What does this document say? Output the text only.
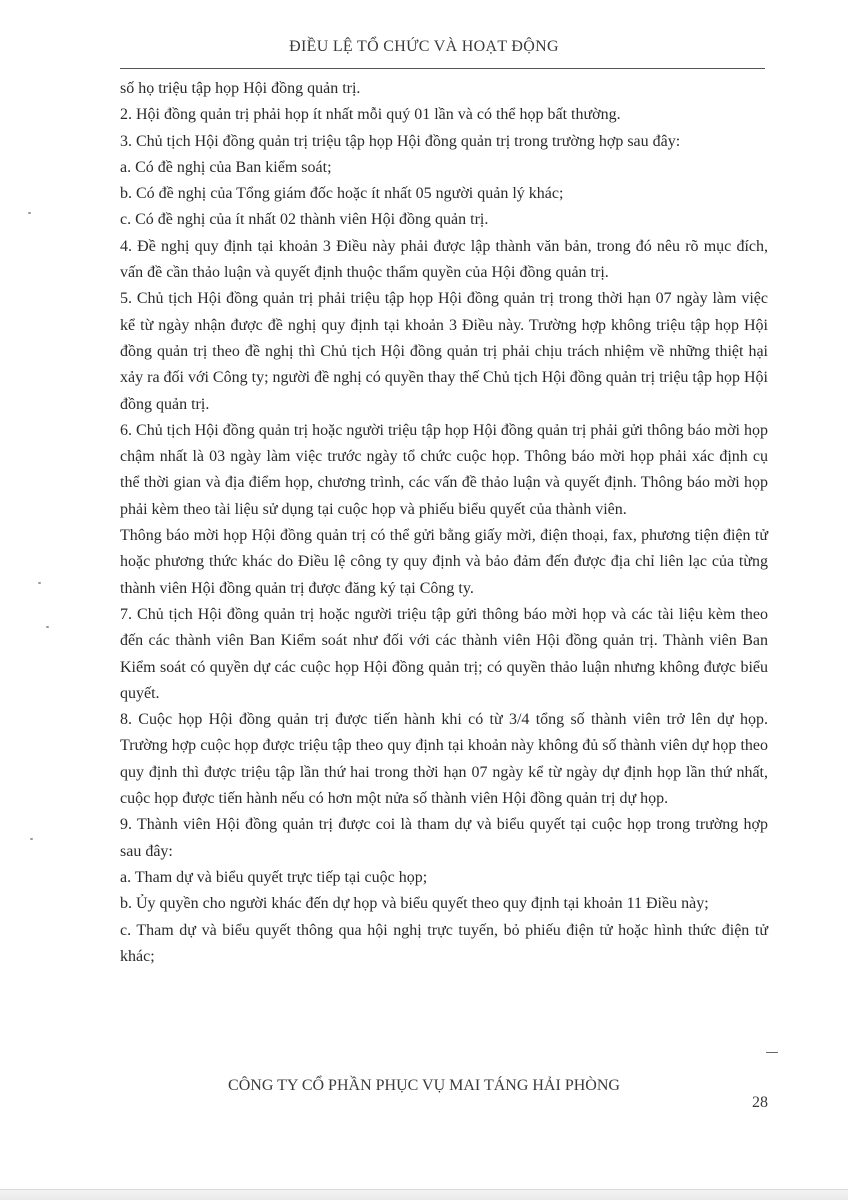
ĐIỀU LỆ TỔ CHỨC VÀ HOẠT ĐỘNG

số họ triệu tập họp Hội đồng quản trị.

2. Hội đồng quản trị phải họp ít nhất mỗi quý 01 lần và có thể họp bất thường.

3. Chủ tịch Hội đồng quản trị triệu tập họp Hội đồng quản trị trong trường hợp sau đây:

a. Có đề nghị của Ban kiểm soát;

b. Có đề nghị của Tổng giám đốc hoặc ít nhất 05 người quản lý khác;

c. Có đề nghị của ít nhất 02 thành viên Hội đồng quản trị.

4. Đề nghị quy định tại khoản 3 Điều này phải được lập thành văn bản, trong đó nêu rõ mục đích, vấn đề cần thảo luận và quyết định thuộc thẩm quyền của Hội đồng quản trị.

5. Chủ tịch Hội đồng quản trị phải triệu tập họp Hội đồng quản trị trong thời hạn 07 ngày làm việc kể từ ngày nhận được đề nghị quy định tại khoản 3 Điều này. Trường hợp không triệu tập họp Hội đồng quản trị theo đề nghị thì Chủ tịch Hội đồng quản trị phải chịu trách nhiệm về những thiệt hại xảy ra đối với Công ty; người đề nghị có quyền thay thế Chủ tịch Hội đồng quản trị triệu tập họp Hội đồng quản trị.

6. Chủ tịch Hội đồng quản trị hoặc người triệu tập họp Hội đồng quản trị phải gửi thông báo mời họp chậm nhất là 03 ngày làm việc trước ngày tổ chức cuộc họp. Thông báo mời họp phải xác định cụ thể thời gian và địa điểm họp, chương trình, các vấn đề thảo luận và quyết định. Thông báo mời họp phải kèm theo tài liệu sử dụng tại cuộc họp và phiếu biểu quyết của thành viên.

Thông báo mời họp Hội đồng quản trị có thể gửi bằng giấy mời, điện thoại, fax, phương tiện điện tử hoặc phương thức khác do Điều lệ công ty quy định và bảo đảm đến được địa chỉ liên lạc của từng thành viên Hội đồng quản trị được đăng ký tại Công ty.

7. Chủ tịch Hội đồng quản trị hoặc người triệu tập gửi thông báo mời họp và các tài liệu kèm theo đến các thành viên Ban Kiểm soát như đối với các thành viên Hội đồng quản trị. Thành viên Ban Kiểm soát có quyền dự các cuộc họp Hội đồng quản trị; có quyền thảo luận nhưng không được biểu quyết.

8. Cuộc họp Hội đồng quản trị được tiến hành khi có từ 3/4 tổng số thành viên trở lên dự họp. Trường hợp cuộc họp được triệu tập theo quy định tại khoản này không đủ số thành viên dự họp theo quy định thì được triệu tập lần thứ hai trong thời hạn 07 ngày kể từ ngày dự định họp lần thứ nhất, cuộc họp được tiến hành nếu có hơn một nửa số thành viên Hội đồng quản trị dự họp.

9. Thành viên Hội đồng quản trị được coi là tham dự và biểu quyết tại cuộc họp trong trường hợp sau đây:

a. Tham dự và biểu quyết trực tiếp tại cuộc họp;

b. Ủy quyền cho người khác đến dự họp và biểu quyết theo quy định tại khoản 11 Điều này;

c. Tham dự và biểu quyết thông qua hội nghị trực tuyến, bỏ phiếu điện tử hoặc hình thức điện tử khác;

CÔNG TY CỔ PHẦN PHỤC VỤ MAI TÁNG HẢI PHÒNG
28
